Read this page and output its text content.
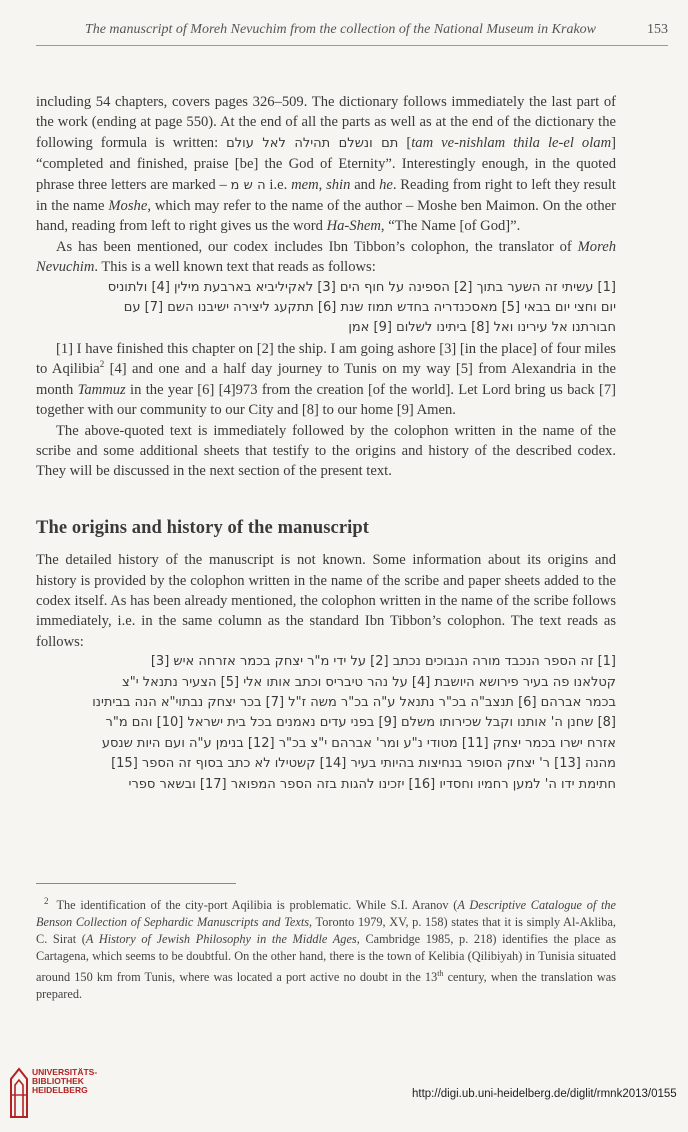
The manuscript of Moreh Nevuchim from the collection of the National Museum in Krakow	153

including 54 chapters, covers pages 326–509. The dictionary follows immediately the last part of the work (ending at page 550). At the end of all the parts as well as at the end of the dictionary the following formula is written: תם ונשלם תהילה לאל עולם [tam ve-nishlam thila le-el olam] “completed and finished, praise [be] the God of Eternity”. Interestingly enough, in the quoted phrase three letters are marked – ה ש מ i.e. mem, shin and he. Reading from right to left they result in the name Moshe, which may refer to the name of the author – Moshe ben Maimon. On the other hand, reading from left to right gives us the word Ha-Shem, “The Name [of God]”.

As has been mentioned, our codex includes Ibn Tibbon’s colophon, the translator of Moreh Nevuchim. This is a well known text that reads as follows:

[1] עשיתי זה השער בתוך [2] הספינה על חוף הים [3] לאקיליביא בארבעת מילין [4] ולתוניס
יום וחצי יום בבאי [5] מאסכנדריה בחדש תמוז שנת [6] תתקעג ליצירה ישיבנו השם [7] עם
חבורתנו אל עירינו ואל [8] ביתינו לשלום [9] אמן

[1] I have finished this chapter on [2] the ship. I am going ashore [3] [in the place] of four miles to Aqilibia$^2$ [4] and one and a half day journey to Tunis on my way [5] from Alexandria in the month Tammuz in the year [6] [4]973 from the creation [of the world]. Let Lord bring us back [7] together with our community to our City and [8] to our home [9] Amen.

The above-quoted text is immediately followed by the colophon written in the name of the scribe and some additional sheets that testify to the origins and history of the described codex. They will be discussed in the next section of the present text.

The origins and history of the manuscript

The detailed history of the manuscript is not known. Some information about its origins and history is provided by the colophon written in the name of the scribe and paper sheets added to the codex itself. As has been already mentioned, the colophon written in the name of the scribe follows immediately, i.e. in the same column as the standard Ibn Tibbon’s colophon. The text reads as follows:

[1] זה הספר הנכבד מורה הנבוכים נכתב [2] על ידי מ"ר יצחק בכמר אזרחה איש [3]
קטלאנו פה בעיר פירושא היושבת [4] על נהר טיבריס וכתב אותו אלי [5] הצעיר נתנאל י"צ
בכמר אברהם [6] תנצב"ה בכ"ר נתנאל ע"ה בכ"ר משה ז"ל [7] בכר יצחק נבתוי"א הנה בביתינו
[8] שחנן ה' אותנו וקבל שכירותו משלם [9] בפני עדים נאמנים בכל בית ישראל [10] והם מ"ר
אזרח ישרו בכמר יצחק [11] מטודי נ"ע ומר' אברהם י"צ בכ"ר [12] בנימן ע"ה ועם היות שנסע
מהנה [13] ר' יצחק הסופר בנחיצות בהיותי בעיר [14] קשטילו לא כתב בסוף זה הספר [15]
חתימת ידו ה' למען רחמיו וחסדיו [16] יזכינו להגות בזה הספר המפואר [17] ובשאר ספרי

$^2$ The identification of the city-port Aqilibia is problematic. While S.I. Aranov (A Descriptive Catalogue of the Benson Collection of Sephardic Manuscripts and Texts, Toronto 1979, XV, p. 158) states that it is simply Al-Akliba, C. Sirat (A History of Jewish Philosophy in the Middle Ages, Cambridge 1985, p. 218) identifies the place as Cartagena, which seems to be doubtful. On the other hand, there is the town of Kelibia (Qilibiyah) in Tunisia situated around 150 km from Tunis, where was located a port active no doubt in the 13th century, when the translation was prepared.

UNIVERSITÄTS-
BIBLIOTHEK
HEIDELBERG	http://digi.ub.uni-heidelberg.de/diglit/rmnk2013/0155
